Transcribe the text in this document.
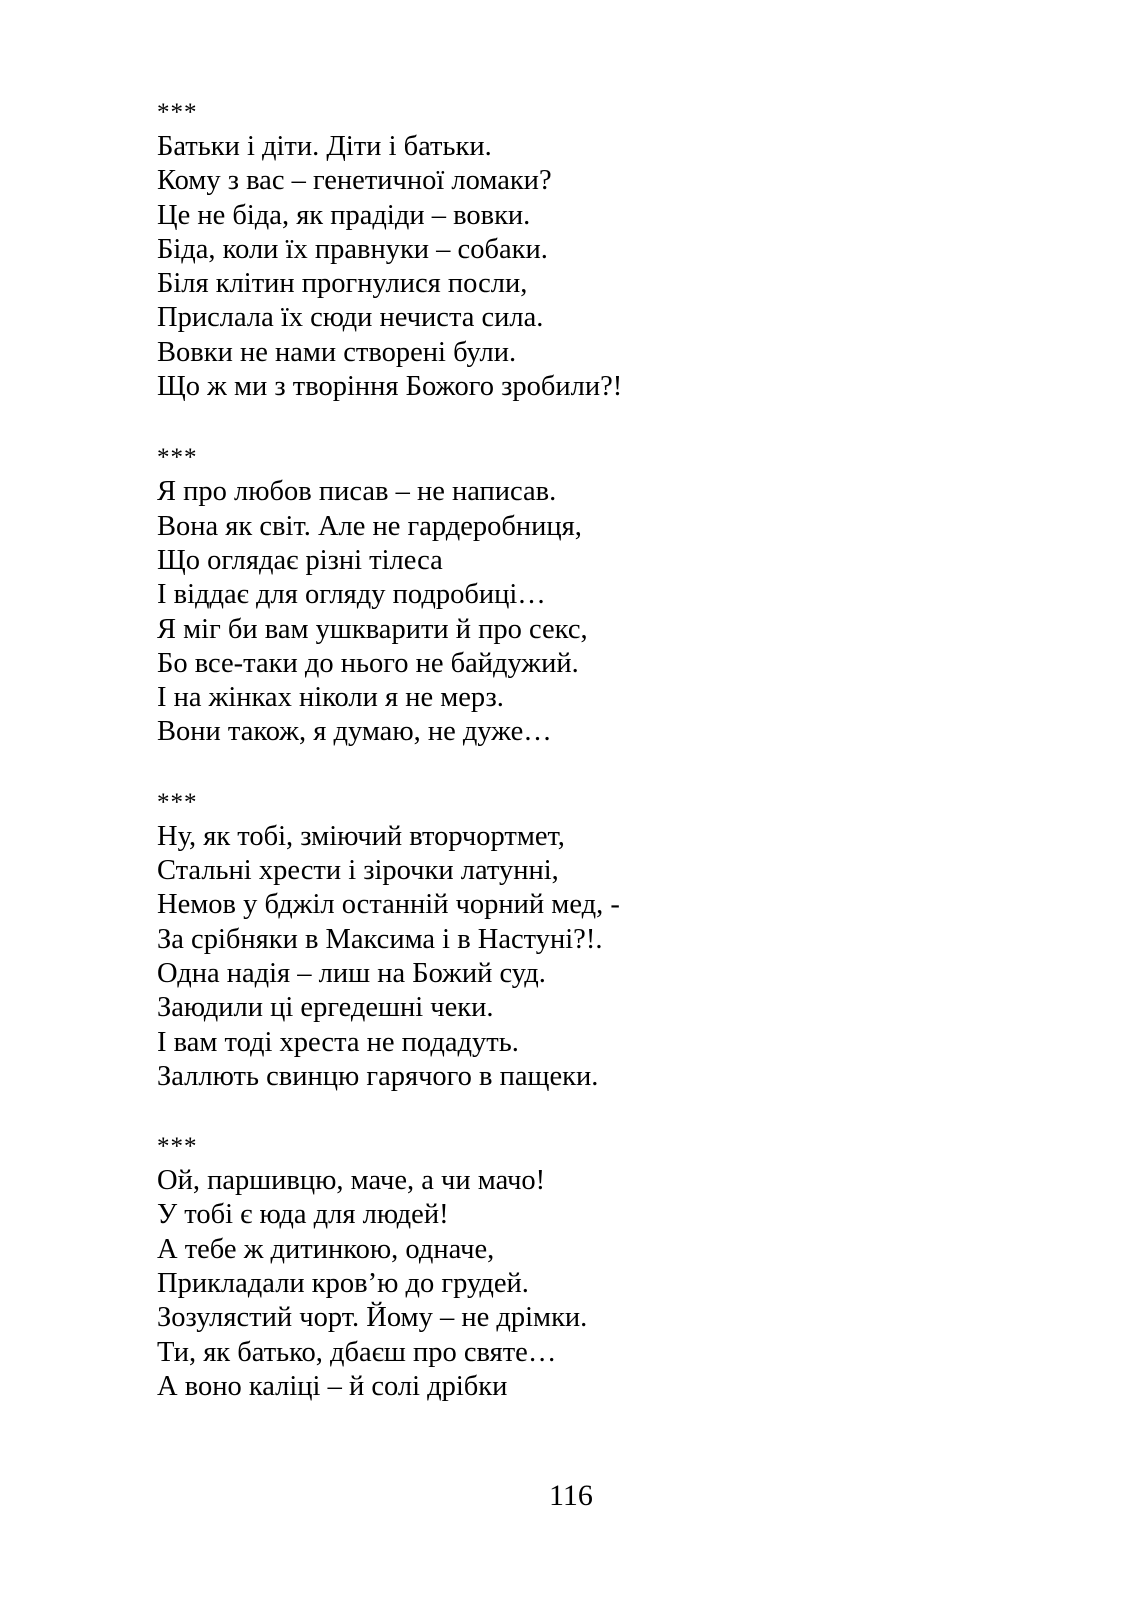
***
Батьки і діти. Діти і батьки.
Кому з вас – генетичної ломаки?
Це не біда, як прадіди – вовки.
Біда, коли їх правнуки – собаки.
Біля клітин прогнулися посли,
Прислала їх сюди нечиста сила.
Вовки не нами створені були.
Що ж ми з творіння Божого зробили?!
***
Я про любов писав – не написав.
Вона як світ. Але не гардеробниця,
Що оглядає різні тілеса
І віддає для огляду подробиці…
Я міг би вам ушкварити й про секс,
Бо все-таки до нього не байдужий.
І на жінках ніколи я не мерз.
Вони також, я думаю, не дуже…
***
Ну, як тобі, зміючий вторчортмет,
Стальні хрести і зірочки латунні,
Немов у бджіл останній чорний мед, -
За срібняки в Максима і в Настуні?!.
Одна надія – лиш на Божий суд.
Заюдили ці ергедешні чеки.
І вам тоді хреста не подадуть.
Заллють свинцю гарячого в пащеки.
***
Ой, паршивцю, маче, а чи мачо!
У тобі є юда для людей!
А тебе ж дитинкою, одначе,
Прикладали кров’ю до грудей.
Зозулястий чорт. Йому – не дрімки.
Ти, як батько, дбаєш про святе…
А воно каліці – й солі дрібки
116
